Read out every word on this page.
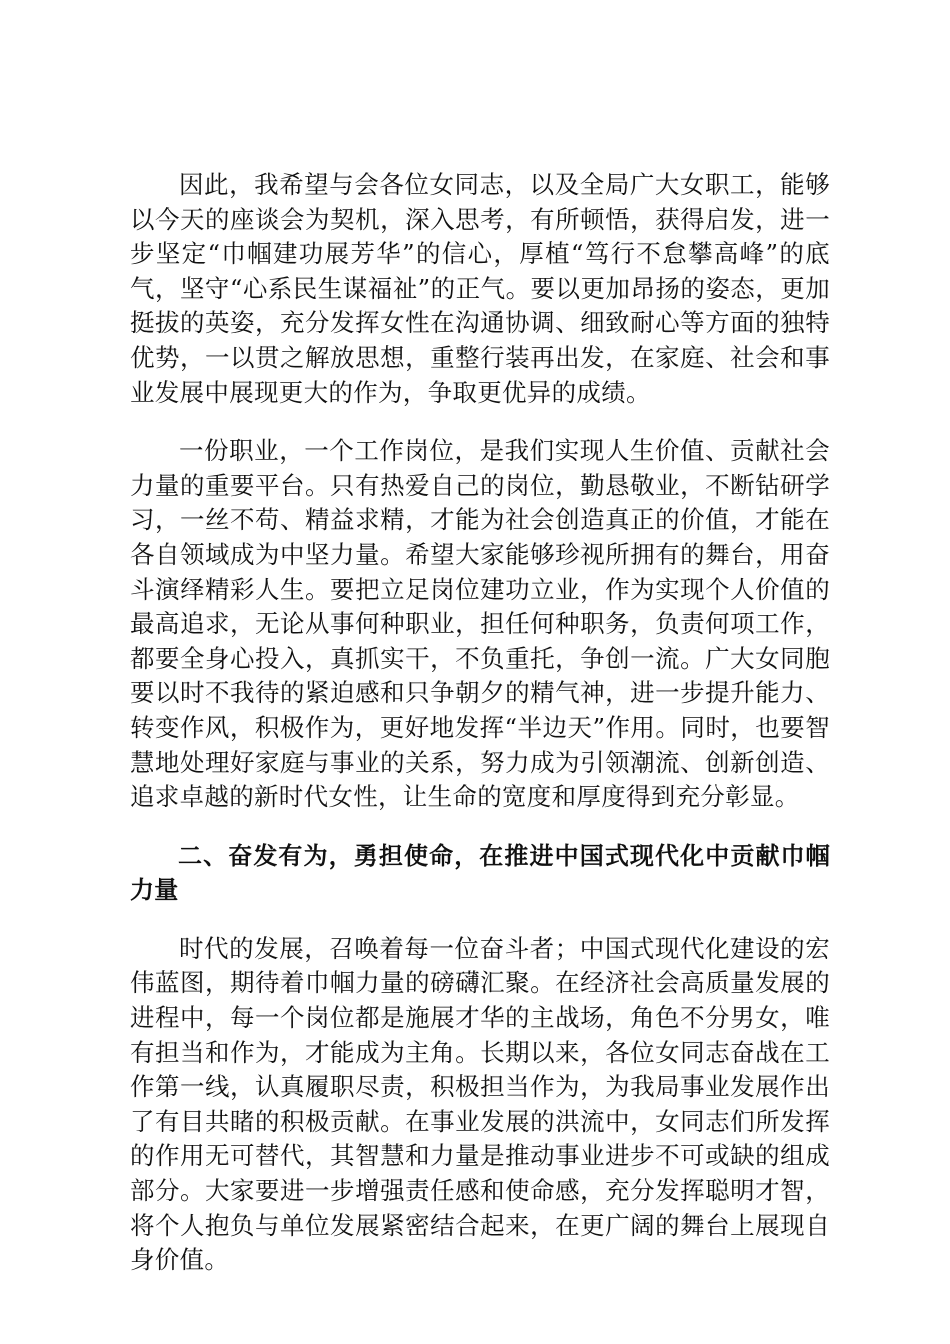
因此，我希望与会各位女同志，以及全局广大女职工，能够以今天的座谈会为契机，深入思考，有所顿悟，获得启发，进一步坚定“巾帼建功展芳华”的信心，厚植“笃行不怠攀高峰”的底气，坚守“心系民生谋福祉”的正气。要以更加昂扬的姿态，更加挺拔的英姿，充分发挥女性在沟通协调、细致耐心等方面的独特优势，一以贯之解放思想，重整行装再出发，在家庭、社会和事业发展中展现更大的作为，争取更优异的成绩。

一份职业，一个工作岗位，是我们实现人生价值、贡献社会力量的重要平台。只有热爱自己的岗位，勤恳敬业，不断钻研学习，一丝不苟、精益求精，才能为社会创造真正的价值，才能在各自领域成为中坚力量。希望大家能够珍视所拥有的舞台，用奋斗演绎精彩人生。要把立足岗位建功立业，作为实现个人价值的最高追求，无论从事何种职业，担任何种职务，负责何项工作，都要全身心投入，真抓实干，不负重托，争创一流。广大女同胞要以时不我待的紧迫感和只争朝夕的精气神，进一步提升能力、转变作风，积极作为，更好地发挥“半边天”作用。同时，也要智慧地处理好家庭与事业的关系，努力成为引领潮流、创新创造、追求卓越的新时代女性，让生命的宽度和厚度得到充分彰显。

二、奋发有为，勇担使命，在推进中国式现代化中贡献巾帼力量

时代的发展，召唤着每一位奋斗者；中国式现代化建设的宏伟蓝图，期待着巾帼力量的磅礴汇聚。在经济社会高质量发展的进程中，每一个岗位都是施展才华的主战场，角色不分男女，唯有担当和作为，才能成为主角。长期以来，各位女同志奋战在工作第一线，认真履职尽责，积极担当作为，为我局事业发展作出了有目共睹的积极贡献。在事业发展的洪流中，女同志们所发挥的作用无可替代，其智慧和力量是推动事业进步不可或缺的组成部分。大家要进一步增强责任感和使命感，充分发挥聪明才智，将个人抱负与单位发展紧密结合起来，在更广阔的舞台上展现自身价值。
